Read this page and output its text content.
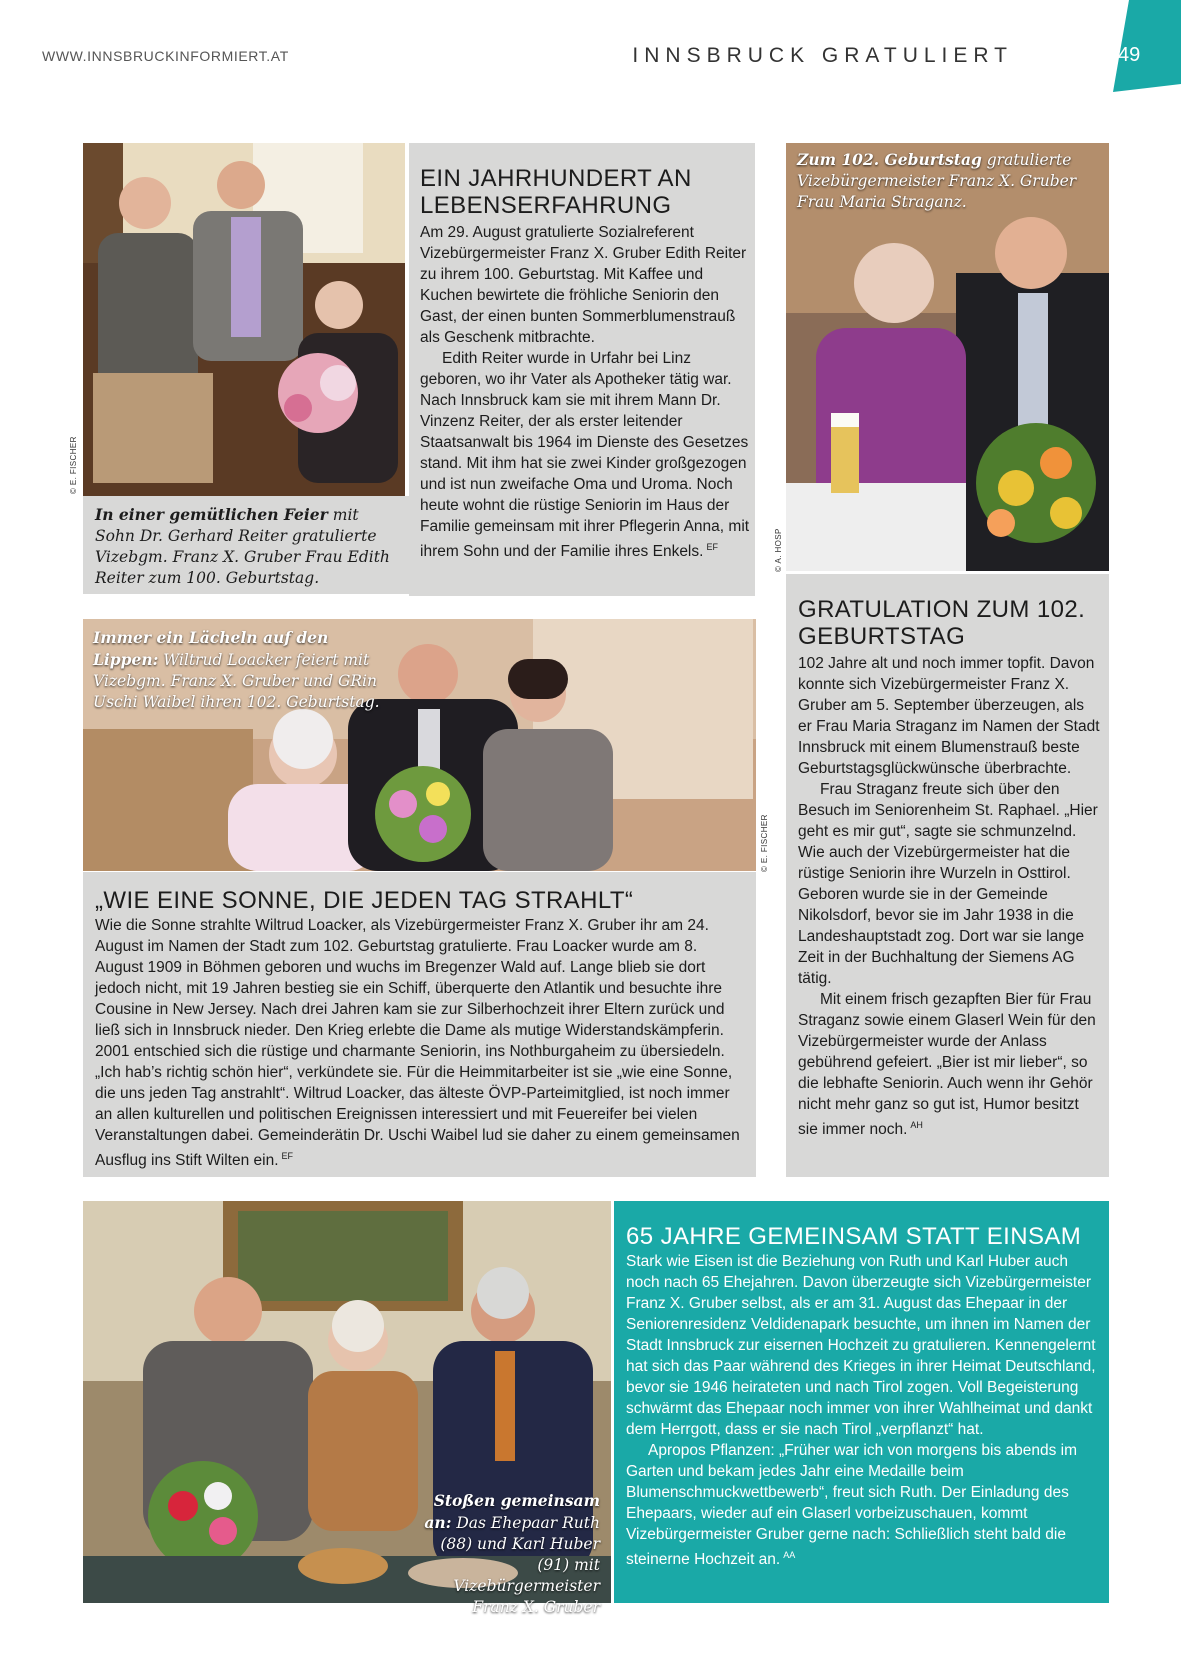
WWW.INNSBRUCKINFORMIERT.AT	INNSBRUCK GRATULIERT	49
© E. FISCHER
In einer gemütlichen Feier mit Sohn Dr. Gerhard Reiter gratulierte Vizebgm. Franz X. Gruber Frau Edith Reiter zum 100. Geburtstag.
EIN JAHRHUNDERT AN LEBENSERFAHRUNG

Am 29. August gratulierte Sozialreferent Vizebürgermeister Franz X. Gruber Edith Reiter zu ihrem 100. Geburtstag. Mit Kaffee und Kuchen bewirtete die fröhliche Seniorin den Gast, der einen bunten Sommerblumenstrauß als Geschenk mitbrachte.

Edith Reiter wurde in Urfahr bei Linz geboren, wo ihr Vater als Apotheker tätig war. Nach Innsbruck kam sie mit ihrem Mann Dr. Vinzenz Reiter, der als erster leitender Staatsanwalt bis 1964 im Dienste des Gesetzes stand. Mit ihm hat sie zwei Kinder großgezogen und ist nun zweifache Oma und Uroma. Noch heute wohnt die rüstige Seniorin im Haus der Familie gemeinsam mit ihrer Pflegerin Anna, mit ihrem Sohn und der Familie ihres Enkels. $^{EF}$

Zum 102. Geburtstag gratulierte Vizebürgermeister Franz X. Gruber Frau Maria Straganz.
© A. HOSP
GRATULATION ZUM 102. GEBURTSTAG

102 Jahre alt und noch immer topfit. Davon konnte sich Vizebürgermeister Franz X. Gruber am 5. September überzeugen, als er Frau Maria Straganz im Namen der Stadt Innsbruck mit einem Blumenstrauß beste Geburtstagsglückwünsche überbrachte.

Frau Straganz freute sich über den Besuch im Seniorenheim St. Raphael. „Hier geht es mir gut“, sagte sie schmunzelnd. Wie auch der Vizebürgermeister hat die rüstige Seniorin ihre Wurzeln in Osttirol. Geboren wurde sie in der Gemeinde Nikolsdorf, bevor sie im Jahr 1938 in die Landeshauptstadt zog. Dort war sie lange Zeit in der Buchhaltung der Siemens AG tätig.

Mit einem frisch gezapften Bier für Frau Straganz sowie einem Glaserl Wein für den Vizebürgermeister wurde der Anlass gebührend gefeiert. „Bier ist mir lieber“, so die lebhafte Seniorin. Auch wenn ihr Gehör nicht mehr ganz so gut ist, Humor besitzt sie immer noch. $^{AH}$

Immer ein Lächeln auf den Lippen: Wiltrud Loacker feiert mit Vizebgm. Franz X. Gruber und GRin Uschi Waibel ihren 102. Geburtstag.
© E. FISCHER
„WIE EINE SONNE, DIE JEDEN TAG STRAHLT“

Wie die Sonne strahlte Wiltrud Loacker, als Vizebürgermeister Franz X. Gruber ihr am 24. August im Namen der Stadt zum 102. Geburtstag gratulierte. Frau Loacker wurde am 8. August 1909 in Böhmen geboren und wuchs im Bregenzer Wald auf. Lange blieb sie dort jedoch nicht, mit 19 Jahren bestieg sie ein Schiff, überquerte den Atlantik und besuchte ihre Cousine in New Jersey. Nach drei Jahren kam sie zur Silberhochzeit ihrer Eltern zurück und ließ sich in Innsbruck nieder. Den Krieg erlebte die Dame als mutige Widerstandskämpferin. 2001 entschied sich die rüstige und charmante Seniorin, ins Nothburgaheim zu übersiedeln. „Ich hab’s richtig schön hier“, verkündete sie. Für die Heimmitarbeiter ist sie „wie eine Sonne, die uns jeden Tag anstrahlt“. Wiltrud Loacker, das älteste ÖVP-Parteimitglied, ist noch immer an allen kulturellen und politischen Ereignissen interessiert und mit Feuereifer bei vielen Veranstaltungen dabei. Gemeinderätin Dr. Uschi Waibel lud sie daher zu einem gemeinsamen Ausflug ins Stift Wilten ein. $^{EF}$

Stoßen gemeinsam an: Das Ehepaar Ruth (88) und Karl Huber (91) mit Vizebürgermeister Franz X. Gruber
65 JAHRE GEMEINSAM STATT EINSAM

Stark wie Eisen ist die Beziehung von Ruth und Karl Huber auch noch nach 65 Ehejahren. Davon überzeugte sich Vizebürgermeister Franz X. Gruber selbst, als er am 31. August das Ehepaar in der Seniorenresidenz Veldidenapark besuchte, um ihnen im Namen der Stadt Innsbruck zur eisernen Hochzeit zu gratulieren. Kennengelernt hat sich das Paar während des Krieges in ihrer Heimat Deutschland, bevor sie 1946 heirateten und nach Tirol zogen. Voll Begeisterung schwärmt das Ehepaar noch immer von ihrer Wahlheimat und dankt dem Herrgott, dass er sie nach Tirol „verpflanzt“ hat.

Apropos Pflanzen: „Früher war ich von morgens bis abends im Garten und bekam jedes Jahr eine Medaille beim Blumenschmuckwettbewerb“, freut sich Ruth. Der Einladung des Ehepaars, wieder auf ein Glaserl vorbeizuschauen, kommt Vizebürgermeister Gruber gerne nach: Schließlich steht bald die steinerne Hochzeit an. $^{AA}$
